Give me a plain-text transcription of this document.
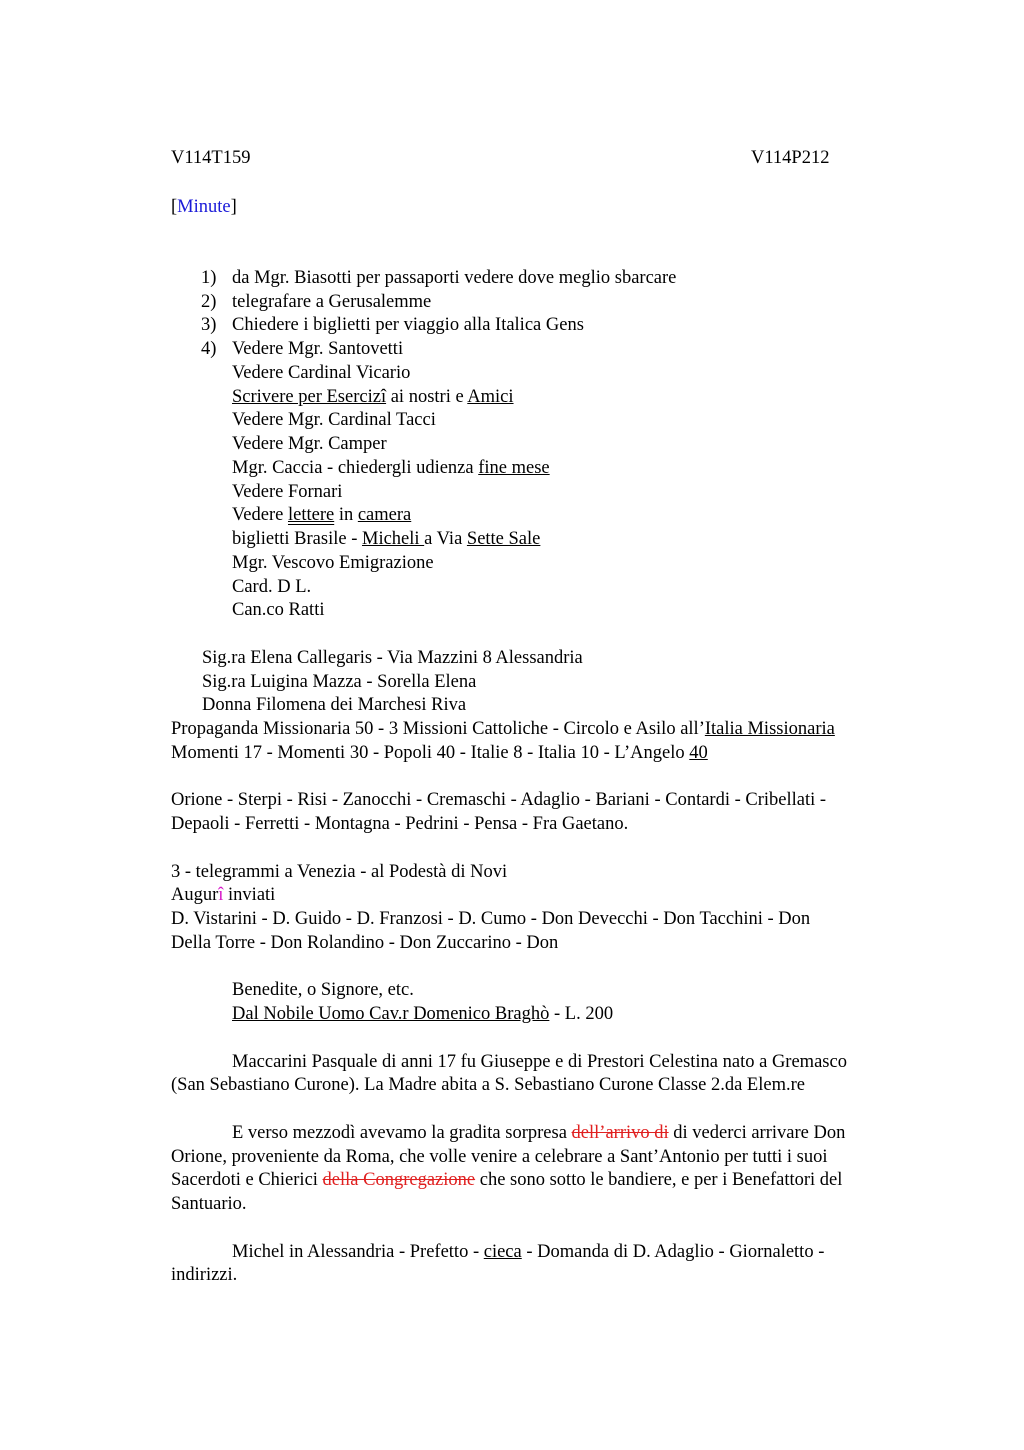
V114T159	V114P212
[Minute]
1) da Mgr. Biasotti per passaporti vedere dove meglio sbarcare
2) telegrafare a Gerusalemme
3) Chiedere i biglietti per viaggio alla Italica Gens
4) Vedere Mgr. Santovetti
Vedere Cardinal Vicario
Scrivere per Esercizi ai nostri e Amici
Vedere Mgr. Cardinal Tacci
Vedere Mgr. Camper
Mgr. Caccia - chiedergli udienza fine mese
Vedere Fornari
Vedere lettere in camera
biglietti Brasile - Micheli a Via Sette Sale
Mgr. Vescovo Emigrazione
Card. D L.
Can.co Ratti
Sig.ra Elena Callegaris - Via Mazzini 8 Alessandria
Sig.ra Luigina Mazza - Sorella Elena
Donna Filomena dei Marchesi Riva
Propaganda Missionaria 50 - 3 Missioni Cattoliche - Circolo e Asilo all’Italia Missionaria
Momenti 17 - Momenti 30 - Popoli 40 - Italie 8 - Italia 10 - L’Angelo 40
Orione - Sterpi - Risi - Zanocchi - Cremaschi - Adaglio - Bariani - Contardi - Cribellati -
Depaoli - Ferretti - Montagna - Pedrini - Pensa - Fra Gaetano.
3 - telegrammi a Venezia - al Podestà di Novi
Augurî inviati
D. Vistarini - D. Guido - D. Franzosi - D. Cumo - Don Devecchi - Don Tacchini - Don
Della Torre - Don Rolandino - Don Zuccarino - Don
Benedite, o Signore, etc.
Dal Nobile Uomo Cav.r Domenico Braghò - L. 200
Maccarini Pasquale di anni 17 fu Giuseppe e di Prestori Celestina nato a Gremasco
(San Sebastiano Curone). La Madre abita a S. Sebastiano Curone Classe 2.da Elem.re
E verso mezzodì avevamo la gradita sorpresa dell’arrivo di di vederci arrivare Don
Orione, proveniente da Roma, che volle venire a celebrare a Sant’Antonio per tutti i suoi
Sacerdoti e Chierici della Congregazione che sono sotto le bandiere, e per i Benefattori del
Santuario.
Michel in Alessandria - Prefetto - cieca - Domanda di D. Adaglio - Giornaletto -
indirizzi.
